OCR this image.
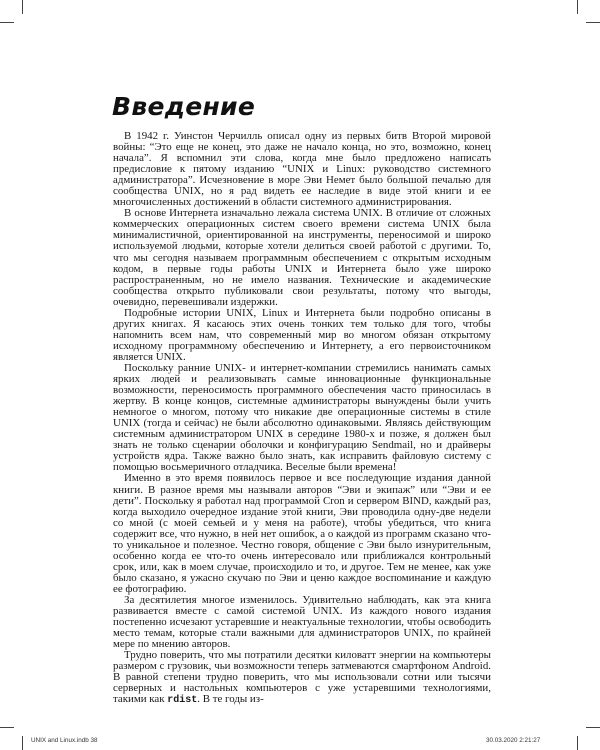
Введение

В 1942 г. Уинстон Черчилль описал одну из первых битв Второй мировой войны: “Это еще не конец, это даже не начало конца, но это, возможно, конец начала”. Я вспомнил эти слова, когда мне было предложено написать предисловие к пятому изданию “UNIX и Linux: руководство системного администратора”. Исчезновение в море Эви Немет было большой печалью для сообщества UNIX, но я рад видеть ее наследие в виде этой книги и ее многочисленных достижений в области системного администрирования.

В основе Интернета изначально лежала система UNIX. В отличие от сложных коммерческих операционных систем своего времени система UNIX была минималистичной, ориентированной на инструменты, переносимой и широко используемой людьми, которые хотели делиться своей работой с другими. То, что мы сегодня называем программным обеспечением с открытым исходным кодом, в первые годы работы UNIX и Интернета было уже широко распространенным, но не имело названия. Технические и академические сообщества открыто публиковали свои результаты, потому что выгоды, очевидно, перевешивали издержки.

Подробные истории UNIX, Linux и Интернета были подробно описаны в других книгах. Я касаюсь этих очень тонких тем только для того, чтобы напомнить всем нам, что современный мир во многом обязан открытому исходному программному обеспечению и Интернету, а его первоисточником является UNIX.

Поскольку ранние UNIX- и интернет-компании стремились нанимать самых ярких людей и реализовывать самые инновационные функциональные возможности, переносимость программного обеспечения часто приносилась в жертву. В конце концов, системные администраторы вынуждены были учить немногое о многом, потому что никакие две операционные системы в стиле UNIX (тогда и сейчас) не были абсолютно одинаковыми. Являясь действующим системным администратором UNIX в середине 1980-х и позже, я должен был знать не только сценарии оболочки и конфигурацию Sendmail, но и драйверы устройств ядра. Также важно было знать, как исправить файловую систему с помощью восьмеричного отладчика. Веселые были времена!

Именно в это время появилось первое и все последующие издания данной книги. В разное время мы называли авторов “Эви и экипаж” или “Эви и ее дети”. Поскольку я работал над программой Cron и сервером BIND, каждый раз, когда выходило очередное издание этой книги, Эви проводила одну-две недели со мной (с моей семьей и у меня на работе), чтобы убедиться, что книга содержит все, что нужно, в ней нет ошибок, а о каждой из программ сказано что-то уникальное и полезное. Честно говоря, общение с Эви было изнурительным, особенно когда ее что-то очень интересовало или приближался контрольный срок, или, как в моем случае, происходило и то, и другое. Тем не менее, как уже было сказано, я ужасно скучаю по Эви и ценю каждое воспоминание и каждую ее фотографию.

За десятилетия многое изменилось. Удивительно наблюдать, как эта книга развивается вместе с самой системой UNIX. Из каждого нового издания постепенно исчезают устаревшие и неактуальные технологии, чтобы освободить место темам, которые стали важными для администраторов UNIX, по крайней мере по мнению авторов.

Трудно поверить, что мы потратили десятки киловатт энергии на компьютеры размером с грузовик, чьи возможности теперь затмеваются смартфоном Android. В равной степени трудно поверить, что мы использовали сотни или тысячи серверных и настольных компьютеров с уже устаревшими технологиями, такими как rdist. В те годы из-

UNIX and Linux.indb 38	30.03.2020 2:21:27
